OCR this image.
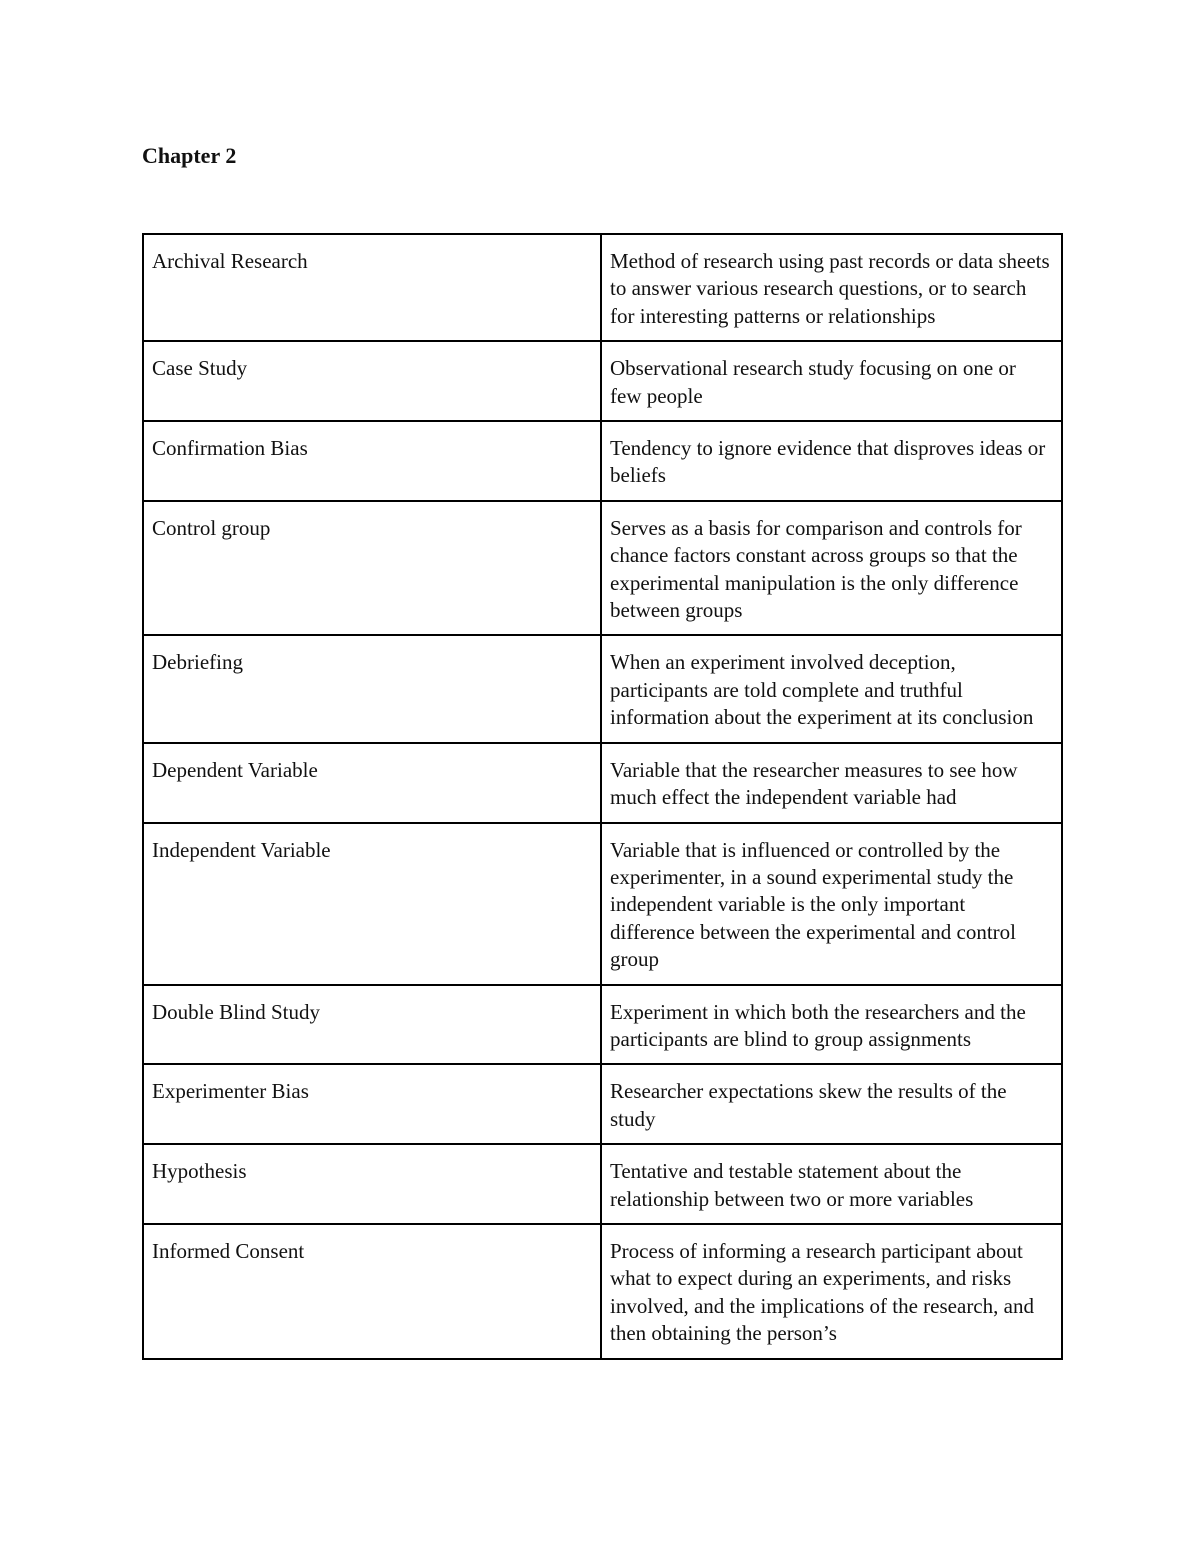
Chapter 2
Archival Research	Method of research using past records or data sheets to answer various research questions, or to search for interesting patterns or relationships
Case Study	Observational research study focusing on one or few people
Confirmation Bias	Tendency to ignore evidence that disproves ideas or beliefs
Control group	Serves as a basis for comparison and controls for chance factors constant across groups so that the experimental manipulation is the only difference between groups
Debriefing	When an experiment involved deception, participants are told complete and truthful information about the experiment at its conclusion
Dependent Variable	Variable that the researcher measures to see how much effect the independent variable had
Independent Variable	Variable that is influenced or controlled by the experimenter, in a sound experimental study the independent variable is the only important difference between the experimental and control group
Double Blind Study	Experiment in which both the researchers and the participants are blind to group assignments
Experimenter Bias	Researcher expectations skew the results of the study
Hypothesis	Tentative and testable statement about the relationship between two or more variables
Informed Consent	Process of informing a research participant about what to expect during an experiments, and risks involved, and the implications of the research, and then obtaining the person’s
